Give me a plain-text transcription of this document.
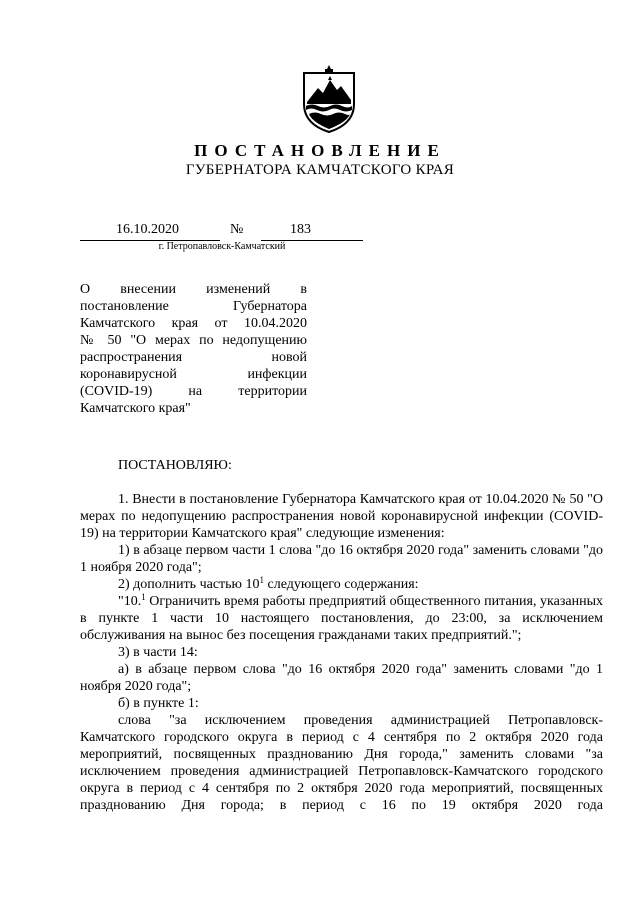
ПОСТАНОВЛЕНИЕ
ГУБЕРНАТОРА КАМЧАТСКОГО КРАЯ
16.10.2020	№	183
г. Петропавловск-Камчатский
О внесении изменений в
постановление Губернатора
Камчатского края от 10.04.2020
№ 50 "О мерах по недопущению
распространения новой
коронавирусной инфекции
(COVID-19) на территории
Камчатского края"
ПОСТАНОВЛЯЮ:

1. Внести в постановление Губернатора Камчатского края от 10.04.2020 № 50 "О мерах по недопущению распространения новой коронавирусной инфекции (COVID-19) на территории Камчатского края" следующие изменения:

1) в абзаце первом части 1 слова "до 16 октября 2020 года" заменить словами "до 1 ноября 2020 года";

2) дополнить частью $10^1$ следующего содержания:

"10.$^1$ Ограничить время работы предприятий общественного питания, указанных в пункте 1 части 10 настоящего постановления, до 23:00, за исключением обслуживания на вынос без посещения гражданами таких предприятий.";

3) в части 14:

а) в абзаце первом слова "до 16 октября 2020 года" заменить словами "до 1 ноября 2020 года";

б) в пункте 1:

слова "за исключением проведения администрацией Петропавловск-Камчатского городского округа в период с 4 сентября по 2 октября 2020 года мероприятий, посвященных празднованию Дня города," заменить словами "за исключением проведения администрацией Петропавловск-Камчатского городского округа в период с 4 сентября по 2 октября 2020 года мероприятий, посвященных празднованию Дня города; в период с 16 по 19 октября 2020 года
